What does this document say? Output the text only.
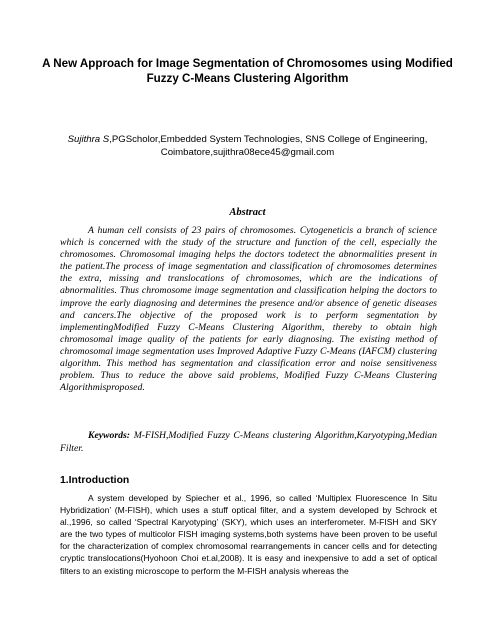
A New Approach for Image Segmentation of Chromosomes using Modified Fuzzy C-Means Clustering Algorithm

Sujithra S,PGScholor,Embedded System Technologies, SNS College of Engineering, Coimbatore,sujithra08ece45@gmail.com

Abstract

A human cell consists of 23 pairs of chromosomes. Cytogeneticis a branch of science which is concerned with the study of the structure and function of the cell, especially the chromosomes. Chromosomal imaging helps the doctors todetect the abnormalities present in the patient.The process of image segmentation and classification of chromosomes determines the extra, missing and translocations of chromosomes, which are the indications of abnormalities. Thus chromosome image segmentation and classification helping the doctors to improve the early diagnosing and determines the presence and/or absence of genetic diseases and cancers.The objective of the proposed work is to perform segmentation by implementingModified Fuzzy C-Means Clustering Algorithm, thereby to obtain high chromosomal image quality of the patients for early diagnosing. The existing method of chromosomal image segmentation uses Improved Adaptive Fuzzy C-Means (IAFCM) clustering algorithm. This method has segmentation and classification error and noise sensitiveness problem. Thus to reduce the above said problems, Modified Fuzzy C-Means Clustering Algorithmisproposed.

Keywords: M-FISH,Modified Fuzzy C-Means clustering Algorithm,Karyotyping,Median Filter.

1.Introduction

A system developed by Spiecher et al., 1996, so called ‘Multiplex Fluorescence In Situ Hybridization’ (M-FISH), which uses a stuff optical filter, and a system developed by Schrock et al.,1996, so called ‘Spectral Karyotyping’ (SKY), which uses an interferometer. M-FISH and SKY are the two types of multicolor FISH imaging systems,both systems have been proven to be useful for the characterization of complex chromosomal rearrangements in cancer cells and for detecting cryptic translocations(Hyohoon Choi et.al,2008). It is easy and inexpensive to add a set of optical filters to an existing microscope to perform the M-FISH analysis whereas the
